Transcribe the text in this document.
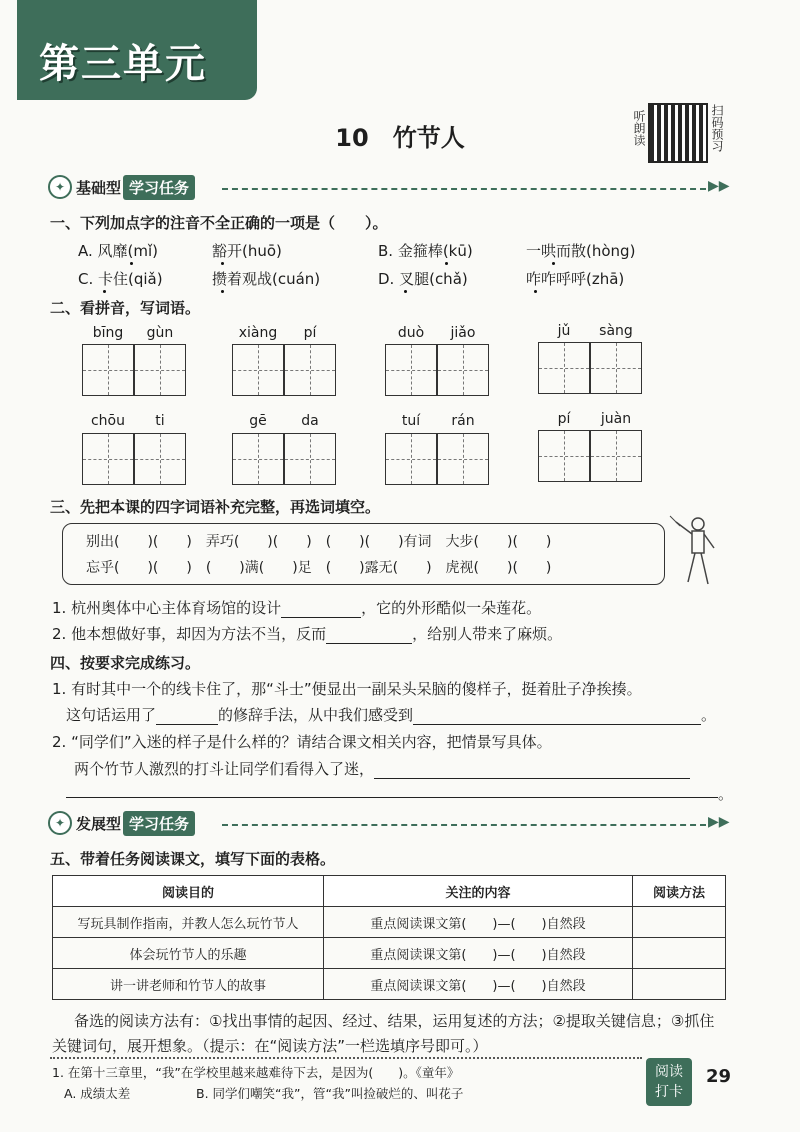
第三单元
10　竹节人	听朗读	扫码预习
✦ 基础型 学习任务	▶▶
一、下列加点字的注音不全正确的一项是（　　）。
A. 风靡(mǐ)	豁开(huō)	B. 金箍棒(kū)	一哄而散(hòng)
C. 卡住(qiǎ)	攒着观战(cuán)	D. 叉腿(chǎ)	咋咋呼呼(zhā)
二、看拼音，写词语。
bīng	gùn	xiàng	pí	duò	jiǎo	jǔ	sàng
chōu	ti	gē	da	tuí	rán	pí	juàn
三、先把本课的四字词语补充完整，再选词填空。
别出(　　)(　　)　弄巧(　　)(　　)　(　　)(　　)有词　大步(　　)(　　)
忘乎(　　)(　　)　(　　)满(　　)足　(　　)露无(　　)　虎视(　　)(　　)
1. 杭州奥体中心主体育场馆的设计	，它的外形酷似一朵莲花。
2. 他本想做好事，却因为方法不当，反而	，给别人带来了麻烦。
四、按要求完成练习。
1. 有时其中一个的线卡住了，那“斗士”便显出一副呆头呆脑的傻样子，挺着肚子净挨揍。
这句话运用了	的修辞手法，从中我们感受到	。
2. “同学们”入迷的样子是什么样的？请结合课文相关内容，把情景写具体。
两个竹节人激烈的打斗让同学们看得入了迷，
。
✦ 发展型 学习任务	▶▶
五、带着任务阅读课文，填写下面的表格。
阅读目的	关注的内容	阅读方法
写玩具制作指南，并教人怎么玩竹节人	重点阅读课文第(　　)—(　　)自然段	
体会玩竹节人的乐趣	重点阅读课文第(　　)—(　　)自然段	
讲一讲老师和竹节人的故事	重点阅读课文第(　　)—(　　)自然段	
备选的阅读方法有：①找出事情的起因、经过、结果，运用复述的方法；②提取关键信息；③抓住
关键词句，展开想象。（提示：在“阅读方法”一栏选填序号即可。）
1. 在第十三章里，“我”在学校里越来越难待下去，是因为(　　)。《童年》
A. 成绩太差	B. 同学们嘲笑“我”，管“我”叫捡破烂的、叫花子
阅读
打卡
29
